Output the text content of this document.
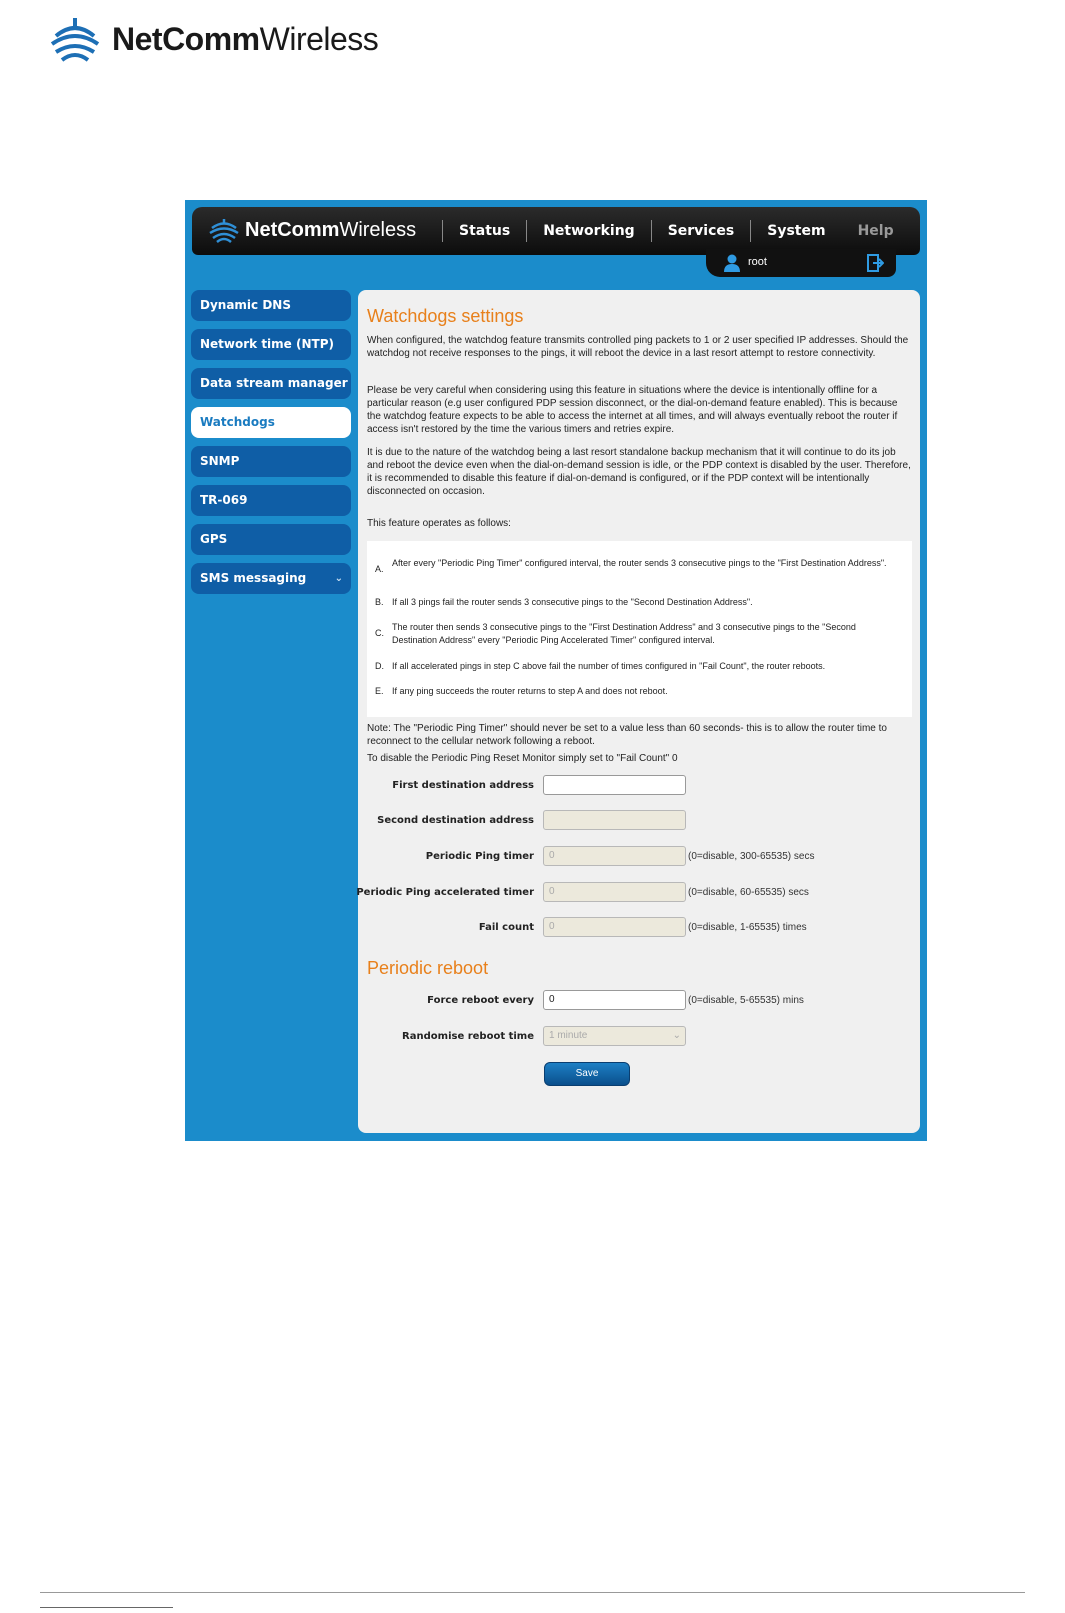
NetCommWireless
NetCommWireless	Status	Networking	Services	System	Help
root
Dynamic DNS
Network time (NTP)
Data stream manager
Watchdogs
SNMP
TR-069
GPS
SMS messaging	⌄
Watchdogs settings
When configured, the watchdog feature transmits controlled ping packets to 1 or 2 user specified IP addresses. Should the watchdog not receive responses to the pings, it will reboot the device in a last resort attempt to restore connectivity.
Please be very careful when considering using this feature in situations where the device is intentionally offline for a particular reason (e.g user configured PDP session disconnect, or the dial-on-demand feature enabled). This is because the watchdog feature expects to be able to access the internet at all times, and will always eventually reboot the router if access isn't restored by the time the various timers and retries expire.
It is due to the nature of the watchdog being a last resort standalone backup mechanism that it will continue to do its job and reboot the device even when the dial-on-demand session is idle, or the PDP context is disabled by the user. Therefore, it is recommended to disable this feature if dial-on-demand is configured, or if the PDP context will be intentionally disconnected on occasion.
This feature operates as follows:
A.
After every "Periodic Ping Timer" configured interval, the router sends 3 consecutive pings to the "First Destination Address".
B. If all 3 pings fail the router sends 3 consecutive pings to the "Second Destination Address".
C.
The router then sends 3 consecutive pings to the "First Destination Address" and 3 consecutive pings to the "Second Destination Address" every "Periodic Ping Accelerated Timer" configured interval.
D. If all accelerated pings in step C above fail the number of times configured in "Fail Count", the router reboots.
E. If any ping succeeds the router returns to step A and does not reboot.
Note: The "Periodic Ping Timer" should never be set to a value less than 60 seconds- this is to allow the router time to reconnect to the cellular network following a reboot.
To disable the Periodic Ping Reset Monitor simply set to "Fail Count" 0
First destination address
Second destination address
Periodic Ping timer	0	(0=disable, 300-65535) secs
Periodic Ping accelerated timer	0	(0=disable, 60-65535) secs
Fail count	0	(0=disable, 1-65535) times
Periodic reboot
Force reboot every	0	(0=disable, 5-65535) mins
Randomise reboot time	1 minute	⌄
Save
